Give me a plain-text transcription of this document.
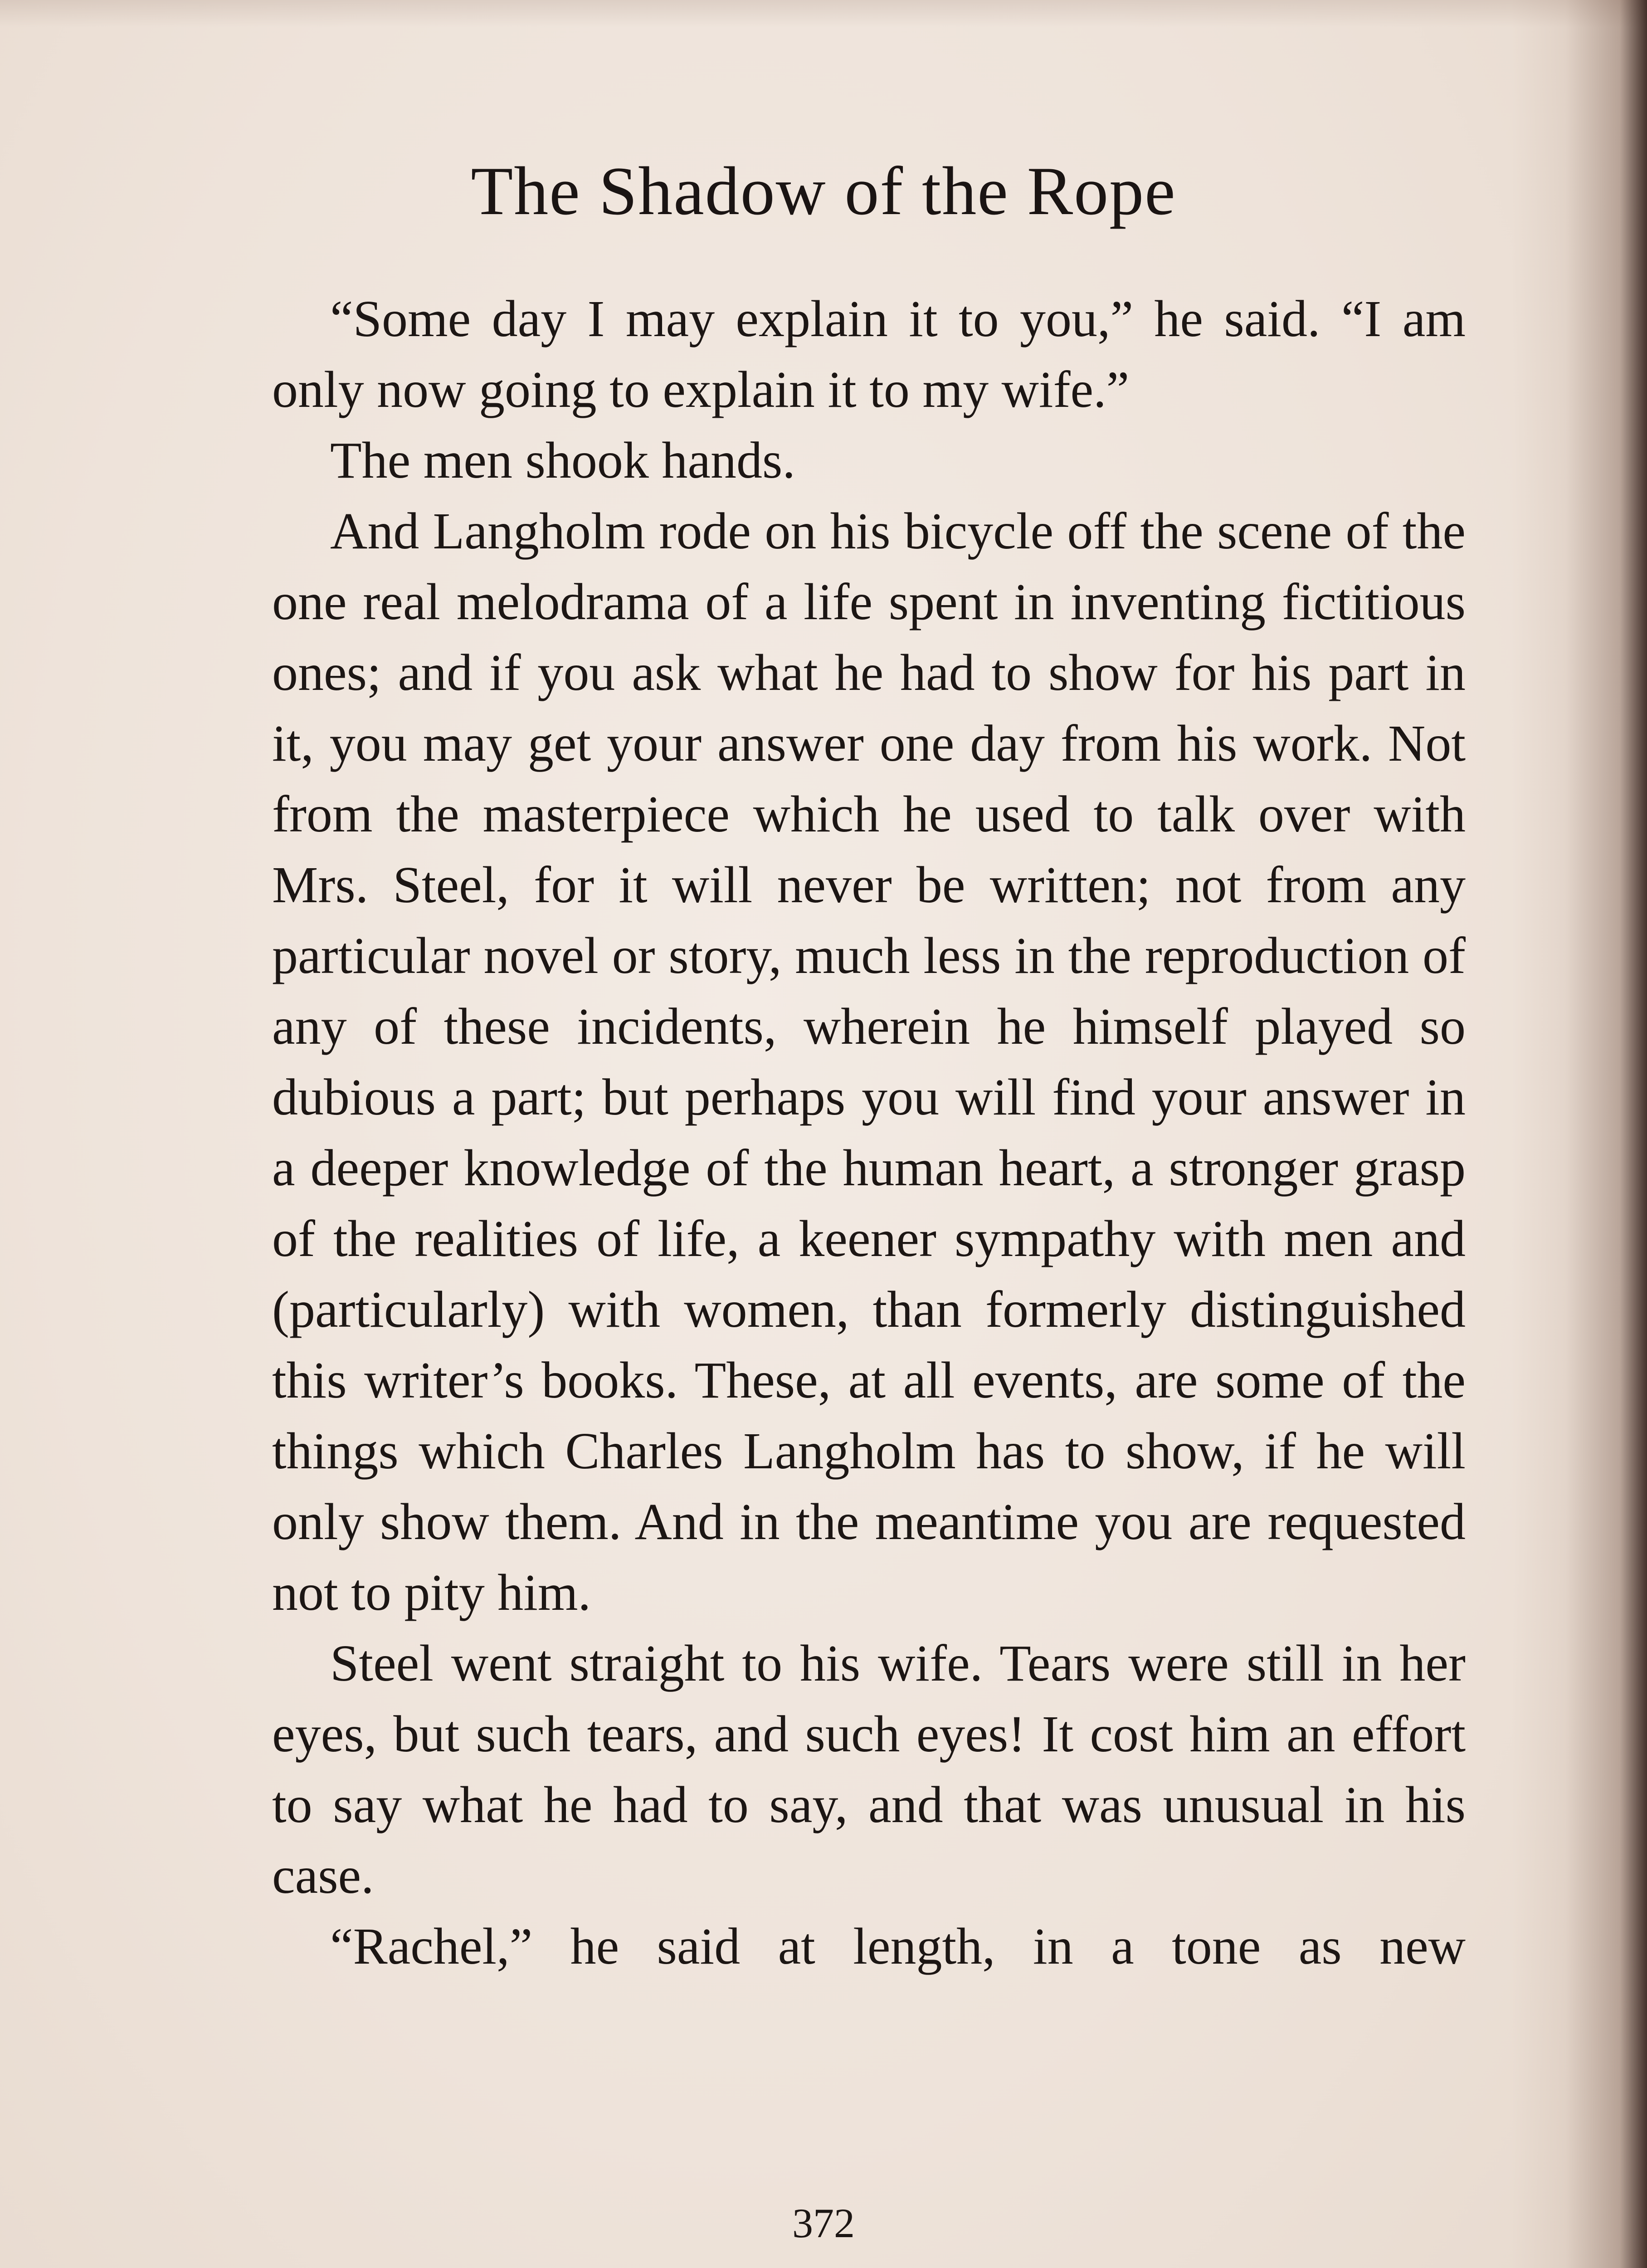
The Shadow of the Rope

“Some day I may explain it to you,” he said. “I am only now going to explain it to my wife.”

The men shook hands.

And Langholm rode on his bicycle off the scene of the one real melodrama of a life spent in inventing fictitious ones; and if you ask what he had to show for his part in it, you may get your answer one day from his work. Not from the masterpiece which he used to talk over with Mrs. Steel, for it will never be written; not from any particular novel or story, much less in the reproduction of any of these incidents, wherein he himself played so dubious a part; but perhaps you will find your answer in a deeper knowledge of the human heart, a stronger grasp of the realities of life, a keener sympathy with men and (particularly) with women, than formerly distinguished this writer’s books. These, at all events, are some of the things which Charles Langholm has to show, if he will only show them. And in the meantime you are requested not to pity him.

Steel went straight to his wife. Tears were still in her eyes, but such tears, and such eyes! It cost him an effort to say what he had to say, and that was unusual in his case.

“Rachel,” he said at length, in a tone as new

372
